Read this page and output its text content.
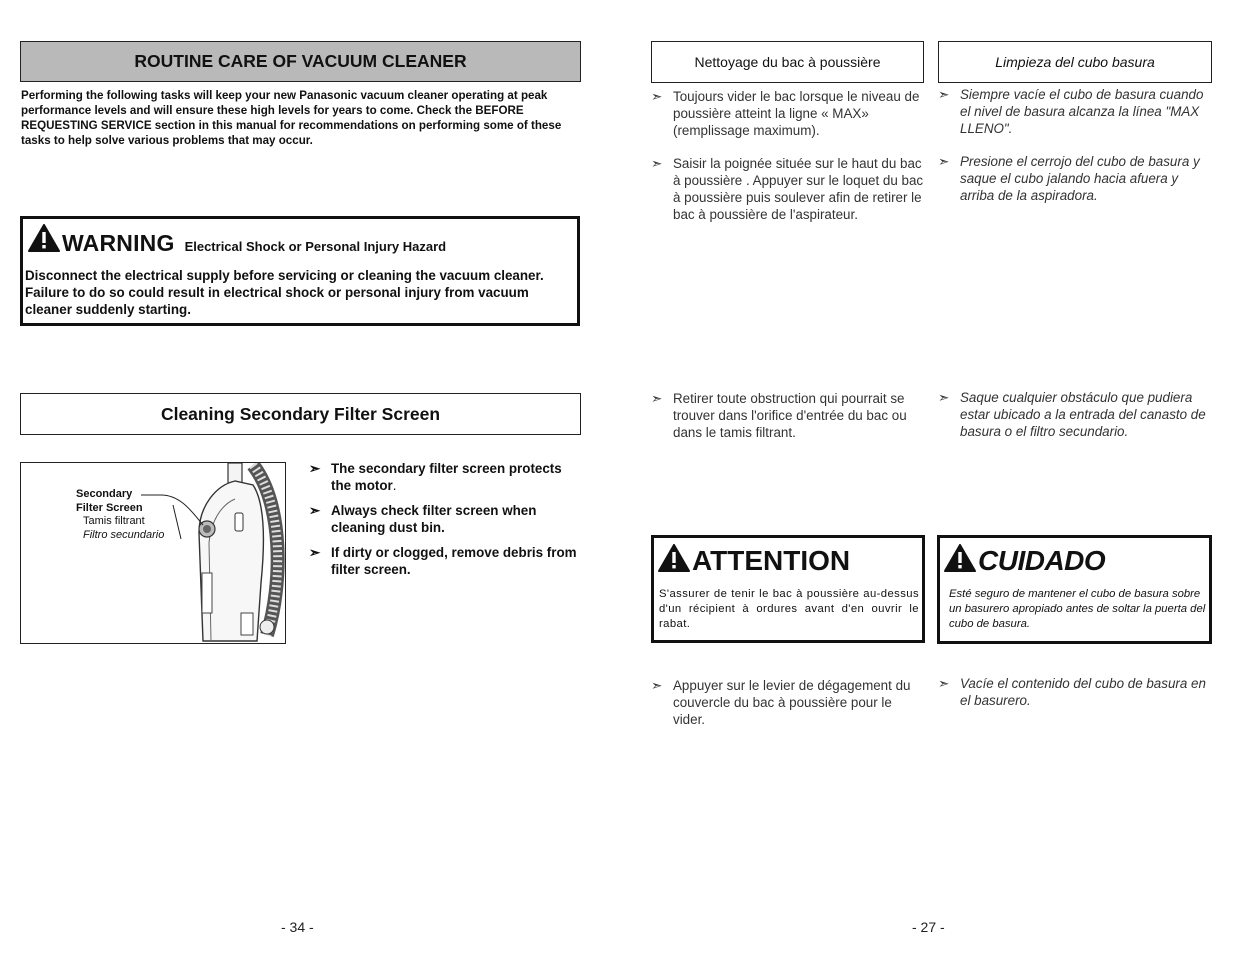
ROUTINE CARE OF VACUUM CLEANER
Performing the following tasks will keep your new Panasonic vacuum cleaner operating at peak performance levels and will ensure these high levels for years to come. Check the BEFORE REQUESTING SERVICE section in this manual for recommendations on performing some of these tasks to help solve various problems that may occur.
WARNING Electrical Shock or Personal Injury Hazard
Disconnect the electrical supply before servicing or cleaning the vacuum cleaner. Failure to do so could result in electrical shock or personal injury from vacuum cleaner suddenly starting.
Cleaning Secondary Filter Screen
Secondary
Filter Screen
Tamis filtrant
Filtro secundario
➣ The secondary filter screen protects the motor.
➣ Always check filter screen when cleaning dust bin.
➣ If dirty or clogged, remove debris from filter screen.
- 34 -
Nettoyage du bac à poussière	Limpieza del cubo basura
➣ Toujours vider le bac lorsque le niveau de poussière atteint la ligne « MAX» (remplissage maximum).
➣ Saisir la poignée située sur le haut du bac à poussière . Appuyer sur le loquet du bac à poussière puis soulever afin de retirer le bac à poussière de l'aspirateur.
➣ Siempre vacíe el cubo de basura cuando el nivel de basura alcanza la línea "MAX LLENO".
➣ Presione el cerrojo del cubo de basura y saque el cubo jalando hacia afuera y arriba de la aspiradora.
➣ Retirer toute obstruction qui pourrait se trouver dans l'orifice d'entrée du bac ou dans le tamis filtrant.
➣ Saque cualquier obstáculo que pudiera estar ubicado a la entrada del canasto de basura o el filtro secundario.
ATTENTION
S'assurer de tenir le bac à poussière au-dessus d'un récipient à ordures avant d'en ouvrir le rabat.
CUIDADO
Esté seguro de mantener el cubo de basura sobre un basurero apropiado antes de soltar la puerta del cubo de basura.
➣ Appuyer sur le levier de dégagement du couvercle du bac à poussière pour le vider.
➣ Vacíe el contenido del cubo de basura en el basurero.
- 27 -
